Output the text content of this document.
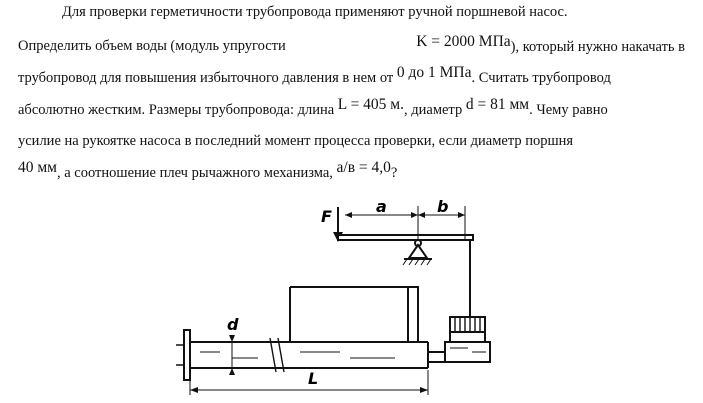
Для проверки герметичности трубопровода применяют ручной поршневой насос.
Определить объем воды (модуль упругости	K = 2000 МПа), который нужно накачать в
трубопровод для повышения избыточного давления в нем от 0 до 1 МПа. Считать трубопровод
абсолютно жестким. Размеры трубопровода: длина L = 405 м., диаметр d = 81 мм. Чему равно
усилие на рукоятке насоса в последний момент процесса проверки, если диаметр поршня
40 мм, а соотношение плеч рычажного механизма, a/в = 4,0?
F
a	b
d
L
